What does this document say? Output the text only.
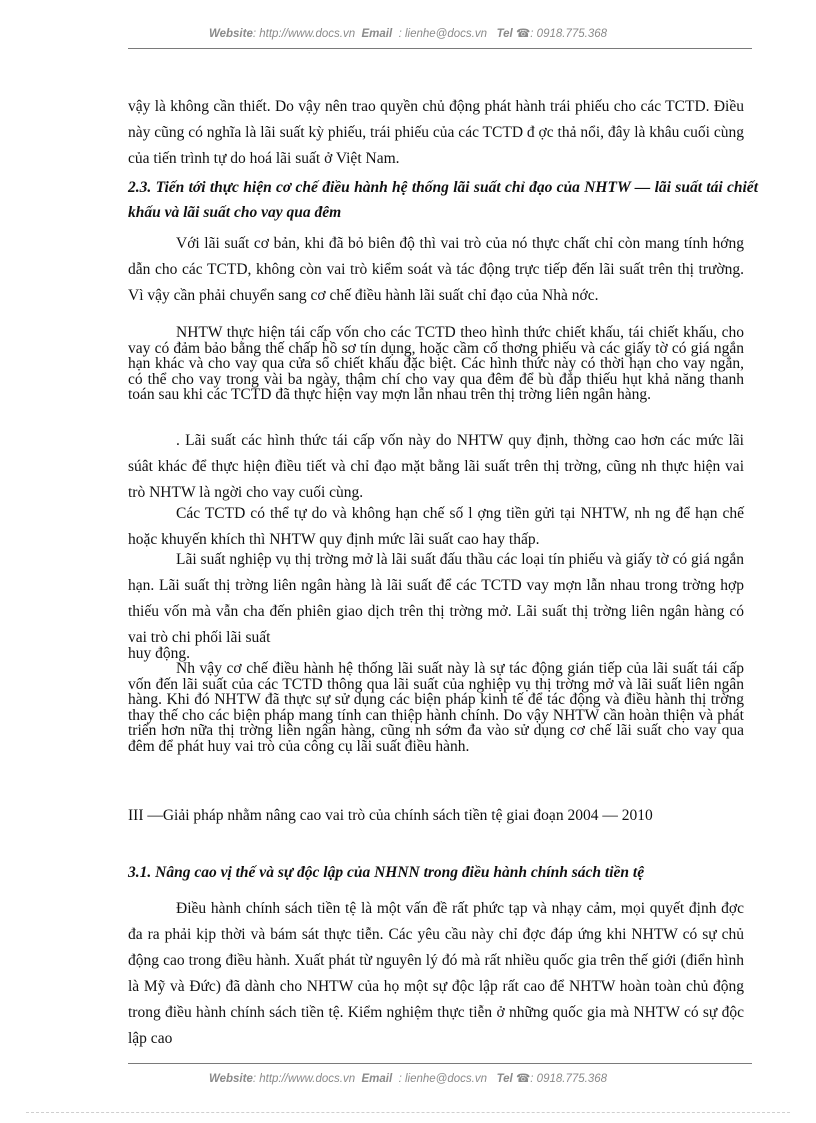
Website: http://www.docs.vn Email : lienhe@docs.vn Tel ☎: 0918.775.368

vậy là không cần thiết. Do vậy nên trao quyền chủ động phát hành trái phiếu cho các TCTD. Điều này cũng có nghĩa là lãi suất kỳ phiếu, trái phiếu của các TCTD đ ợc thả nổi, đây là khâu cuối cùng của tiến trình tự do hoá lãi suất ở Việt Nam.

2.3. Tiến tới thực hiện cơ chế điều hành hệ thống lãi suất chỉ đạo của NHTW — lãi suất tái chiết khấu và lãi suất cho vay qua đêm

Với lãi suất cơ bản, khi đã bỏ biên độ thì vai trò của nó thực chất chỉ còn mang tính hớng dẫn cho các TCTD, không còn vai trò kiểm soát và tác động trực tiếp đến lãi suất trên thị trường. Vì vậy cần phải chuyển sang cơ chế điều hành lãi suất chỉ đạo của Nhà nớc.

NHTW thực hiện tái cấp vốn cho các TCTD theo hình thức chiết khấu, tái chiết khấu, cho vay có đảm bảo bằng thế chấp hồ sơ tín dụng, hoặc cầm cố thơng phiếu và các giấy tờ có giá ngắn hạn khác và cho vay qua cửa sổ chiết khấu đặc biệt. Các hình thức này có thời hạn cho vay ngắn, có thể cho vay trong vài ba ngày, thậm chí cho vay qua đêm để bù đắp thiếu hụt khả năng thanh toán sau khi các TCTD đã thực hiện vay mợn lẫn nhau trên thị trờng liên ngân hàng.

. Lãi suất các hình thức tái cấp vốn này do NHTW quy định, thờng cao hơn các mức lãi súât khác để thực hiện điều tiết và chỉ đạo mặt bằng lãi suất trên thị trờng, cũng nh thực hiện vai trò NHTW là ngời cho vay cuối cùng.

Các TCTD có thể tự do và không hạn chế số l ợng tiền gửi tại NHTW, nh ng để hạn chế hoặc khuyến khích thì NHTW quy định mức lãi suất cao hay thấp.

Lãi suất nghiệp vụ thị trờng mở là lãi suất đấu thầu các loại tín phiếu và giấy tờ có giá ngắn hạn. Lãi suất thị trờng liên ngân hàng là lãi suất để các TCTD vay mợn lẫn nhau trong trờng hợp thiếu vốn mà vẫn cha đến phiên giao dịch trên thị trờng mở. Lãi suất thị trờng liên ngân hàng có vai trò chi phối lãi suất

huy động.

Nh vậy cơ chế điều hành hệ thống lãi suất này là sự tác động gián tiếp của lãi suất tái cấp vốn đến lãi suất của các TCTD thông qua lãi suất của nghiệp vụ thị trờng mở và lãi suất liên ngân hàng. Khi đó NHTW đã thực sự sử dụng các biện pháp kinh tế để tác động và điều hành thị trờng thay thế cho các biện pháp mang tính can thiệp hành chính. Do vậy NHTW cần hoàn thiện và phát triển hơn nữa thị trờng liên ngân hàng, cũng nh sớm đa vào sử dụng cơ chế lãi suất cho vay qua đêm để phát huy vai trò của công cụ lãi suất điều hành.

III —Giải pháp nhằm nâng cao vai trò của chính sách tiền tệ giai đoạn 2004 — 2010

3.1. Nâng cao vị thế và sự độc lập của NHNN trong điều hành chính sách tiền tệ

Điều hành chính sách tiền tệ là một vấn đề rất phức tạp và nhạy cảm, mọi quyết định đợc đa ra phải kịp thời và bám sát thực tiễn. Các yêu cầu này chỉ đợc đáp ứng khi NHTW có sự chủ động cao trong điều hành. Xuất phát từ nguyên lý đó mà rất nhiều quốc gia trên thế giới (điển hình là Mỹ và Đức) đã dành cho NHTW của họ một sự độc lập rất cao để NHTW hoàn toàn chủ động trong điều hành chính sách tiền tệ. Kiểm nghiệm thực tiễn ở những quốc gia mà NHTW có sự độc lập cao

Website: http://www.docs.vn Email : lienhe@docs.vn Tel ☎: 0918.775.368
